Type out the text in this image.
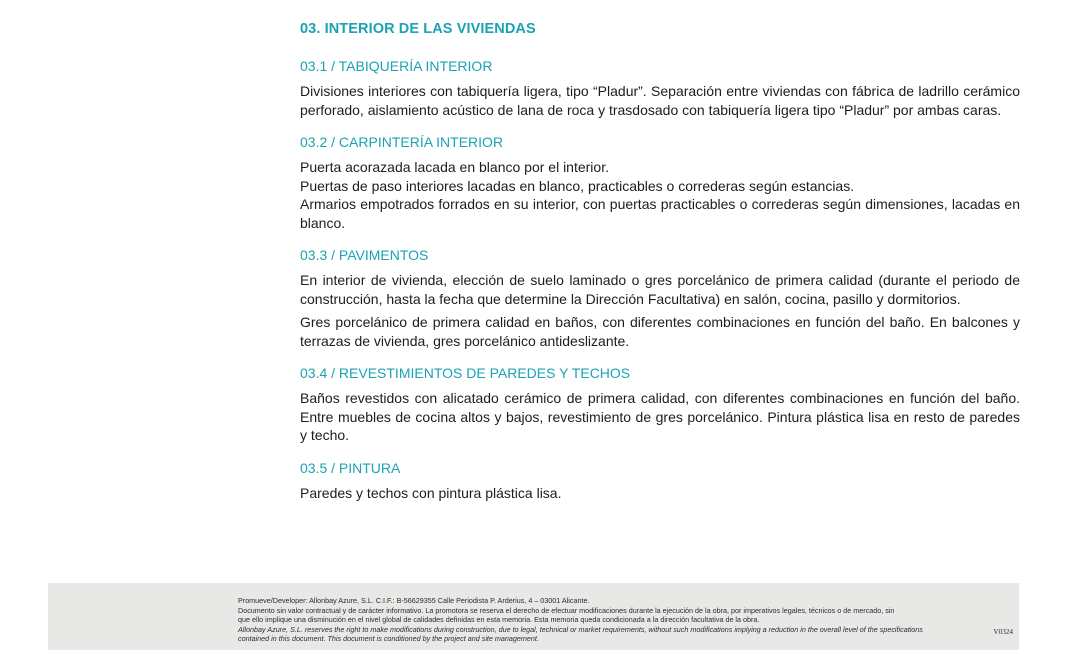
03. INTERIOR DE LAS VIVIENDAS
03.1 / TABIQUERÍA INTERIOR

Divisiones interiores con tabiquería ligera, tipo “Pladur”. Separación entre viviendas con fábrica de ladrillo cerámico perforado, aislamiento acústico de lana de roca y trasdosado con tabiquería ligera tipo “Pladur” por ambas caras.

03.2 / CARPINTERÍA INTERIOR

Puerta acorazada lacada en blanco por el interior.

Puertas de paso interiores lacadas en blanco, practicables o correderas según estancias.

Armarios empotrados forrados en su interior, con puertas practicables o correderas según dimensiones, lacadas en blanco.

03.3 / PAVIMENTOS

En interior de vivienda, elección de suelo laminado o gres porcelánico de primera calidad (durante el periodo de construcción, hasta la fecha que determine la Dirección Facultativa) en salón, cocina, pasillo y dormitorios.

Gres porcelánico de primera calidad en baños, con diferentes combinaciones en función del baño. En balcones y terrazas de vivienda, gres porcelánico antideslizante.

03.4 / REVESTIMIENTOS DE PAREDES Y TECHOS

Baños revestidos con alicatado cerámico de primera calidad, con diferentes combinaciones en función del baño. Entre muebles de cocina altos y bajos, revestimiento de gres porcelánico. Pintura plástica lisa en resto de paredes y techo.

03.5 / PINTURA

Paredes y techos con pintura plástica lisa.

Promueve/Developer: Allonbay Azure, S.L. C.I.F.: B-56629355 Calle Periodista P. Arderius, 4 – 03001 Alicante.
Documento sin valor contractual y de carácter informativo. La promotora se reserva el derecho de efectuar modificaciones durante la ejecución de la obra, por imperativos legales, técnicos o de mercado, sin
que ello implique una disminución en el nivel global de calidades definidas en esta memoria. Esta memoria queda condicionada a la dirección facultativa de la obra.
Allonbay Azure, S.L. reserves the right to make modifications during construction, due to legal, technical or market requirements, without such modifications implying a reduction in the overall level of the specifications
contained in this document. This document is conditioned by the project and site management.
V0324
